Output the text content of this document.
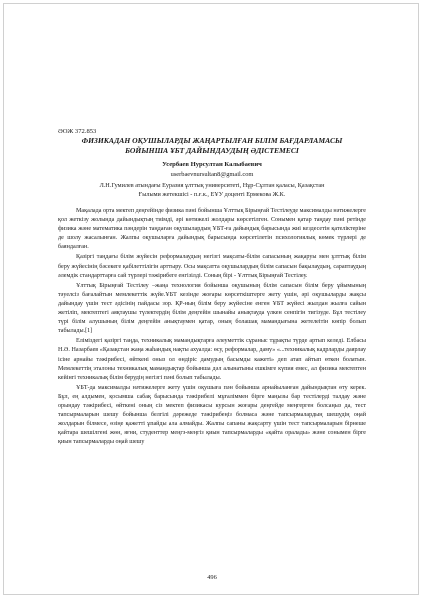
ӘОЖ 372.853
ФИЗИКАДАН ОҚУШЫЛАРДЫ ЖАҢАРТЫЛҒАН БІЛІМ БАҒДАРЛАМАСЫ
БОЙЫНША ҰБТ ДАЙЫНДАУДЫҢ ӘДІСТЕМЕСІ
Усербаев Нурсултан Калыбаевич
userbaevnursultan8@gmail.com
Л.Н.Гумилев атындағы Еуразия ұлттық университеті, Нұр-Сұлтан қаласы, Қазақстан
Ғылыми жетекшісі - п.ғ.к., ЕҰУ доценті Ермекова Ж.К.

Мақалада орта мектеп деңгейінде физика пәні бойынша Ұлттық Бірыңғай Тестілеуде максималды нәтижелерге қол жеткізу жолында дайындықтың тиімді, әрі көтижелі жолдары көрсетілген. Сонымен қатар таңдау пәні ретінде физика және математика пәндерін таңдаған оқушылардың ҰБТ-ға дайындық барысында жиі кездесетін қателіктеріне де шолу жасалынған. Жалпы оқушыларға дайындық барысында көрсетілетін психологиялық көмек түрлері де баяндалған.

Қазіргі таңдағы білім жүйесін реформалаудың негізгі мақсаты-білім сапасының жақаруы мен ұлттық білім беру жүйесінің бәсекеге қабілеттілігін арттыру. Осы мақсатта оқушылардың білім сапасын бақылаудың, сараптаудың әлемдік стандарттарға сай түрлері тәжірибеге енгізілді. Соның бірі - Ұлттық Бірыңғай Тестілеу.

Ұлттық Бірыңғай Тестілеу –жаңа технология бойынша оқушының білім сапасын білім беру ұйымының тәуелсіз бағалайтын мемлекеттік жүйе.ҰБТ кезінде жоғары көрсеткіштерге жету үшін, әрі оқушыларды жақсы дайындау үшін тест әдісінің пайдасы зор. ҚР-ның білім беру жүйесіне енген ҰБТ жүйесі жылдан жылға сайын жетіліп, мектептегі аяқтаушы түлектердің білім деңгейін шынайы анықтауда үлкен сенпігін тигізуде. Бұл тестілеу түрі білім алушының білім деңгейін анықтаумен қатар, оның болашақ мамандығына жетелеітін көпір болып табылады.[1]

Еліміздегі қазіргі таңда, техникалық мамандықтарға әлеуметтік сұраныс тұрақты түрде артып келеді. Елбасы Н.Ә. Назарбаев «Қазақстан жаңа жаһандық нақты ахуалда: өсу, реформалар, даму» «...техникалық кадрларды даярлау ісіне арнайы тәжірибесі, өйткені оныз ол өндіріс дамудың басымды кажеті» деп атап айтып өткен болатын. Мемлекеттің эталоны техникалық мамандықтар бойынша дəл алынатыны ешкімге күпия емес, ал физика мектептен кейінгі техникалық білім берудің негізгі пәні болып табылады.

ҰБТ-да максималды нәтижелерге жету үшін оқушыға пән бойынша арнайыланған дайындықтан өту керек. Бұл, ең алдымен, қосымша сабақ барысында тәжірибелі мұғаліммен бірге маңызы бар тестілерді талдау және орындау тәжірибесі, өйткені оның сіз мектеп физикасы курсын жоғары деңгейде меңгерген болсаңыз да, тест тапсырмаларын шешу бойынша белгілі дәрежеде тәжірибеңіз болмаса және тапсырмалардың шешудің оңай жолдарын білмесе, өзіңе қажетті ұпайды ала алмайды. Жалпы сапаны жақсарту үшін тест тапсырмаларын бірнеше қайтара шешілгені жөн, яғни, студенттер меңгз-меңгіз қиын тапсырмаларды «қайта оралады» және сонымен бірге қиын тапсырмаларды оңай шешу

496
